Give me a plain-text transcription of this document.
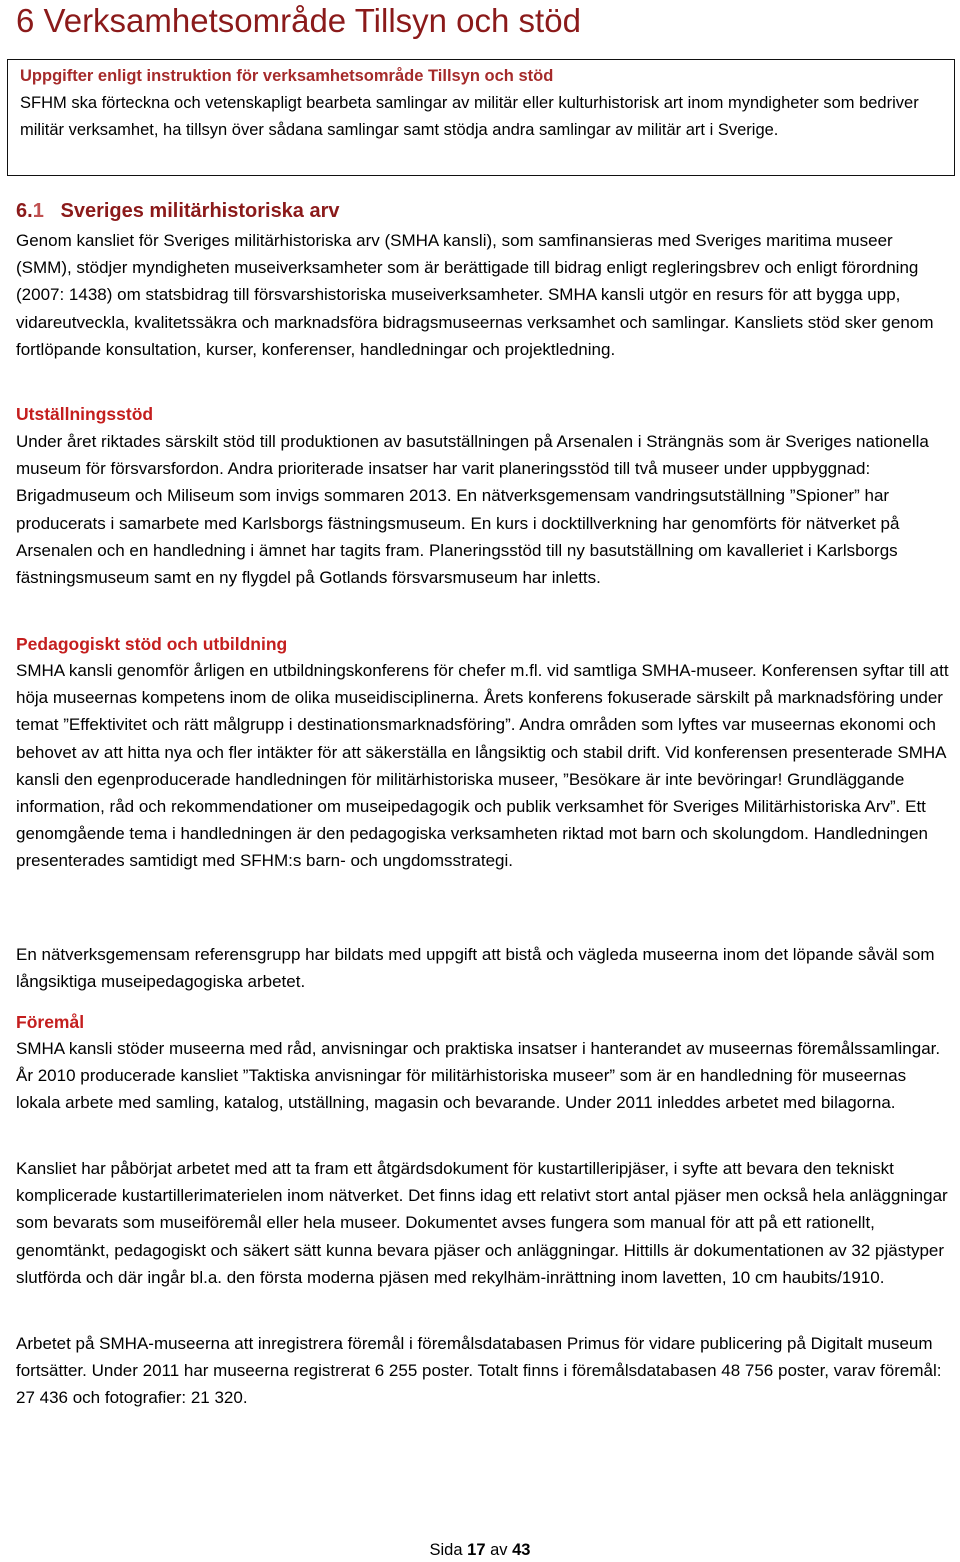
6 Verksamhetsområde Tillsyn och stöd
Uppgifter enligt instruktion för verksamhetsområde Tillsyn och stöd
SFHM ska förteckna och vetenskapligt bearbeta samlingar av militär eller kulturhistorisk art inom myndigheter som bedriver militär verksamhet, ha tillsyn över sådana samlingar samt stödja andra samlingar av militär art i Sverige.
6.1 Sveriges militärhistoriska arv
Genom kansliet för Sveriges militärhistoriska arv (SMHA kansli), som samfinansieras med Sveriges maritima museer (SMM), stödjer myndigheten museiverksamheter som är berättigade till bidrag enligt regleringsbrev och enligt förordning (2007: 1438) om statsbidrag till försvarshistoriska museiverksamheter. SMHA kansli utgör en resurs för att bygga upp, vidareutveckla, kvalitetssäkra och marknadsföra bidragsmuseernas verksamhet och samlingar. Kansliets stöd sker genom fortlöpande konsultation, kurser, konferenser, handledningar och projektledning.
Utställningsstöd
Under året riktades särskilt stöd till produktionen av basutställningen på Arsenalen i Strängnäs som är Sveriges nationella museum för försvarsfordon. Andra prioriterade insatser har varit planeringsstöd till två museer under uppbyggnad: Brigadmuseum och Miliseum som invigs sommaren 2013. En nätverksgemensam vandringsutställning ”Spioner” har producerats i samarbete med Karlsborgs fästningsmuseum. En kurs i docktillverkning har genomförts för nätverket på Arsenalen och en handledning i ämnet har tagits fram. Planeringsstöd till ny basutställning om kavalleriet i Karlsborgs fästningsmuseum samt en ny flygdel på Gotlands försvarsmuseum har inletts.
Pedagogiskt stöd och utbildning
SMHA kansli genomför årligen en utbildningskonferens för chefer m.fl. vid samtliga SMHA-museer. Konferensen syftar till att höja museernas kompetens inom de olika museidisciplinerna. Årets konferens fokuserade särskilt på marknadsföring under temat ”Effektivitet och rätt målgrupp i destinationsmarknadsföring”. Andra områden som lyftes var museernas ekonomi och behovet av att hitta nya och fler intäkter för att säkerställa en långsiktig och stabil drift. Vid konferensen presenterade SMHA kansli den egenproducerade handledningen för militärhistoriska museer, ”Besökare är inte bevöringar! Grundläggande information, råd och rekommendationer om museipedagogik och publik verksamhet för Sveriges Militärhistoriska Arv”. Ett genomgående tema i handledningen är den pedagogiska verksamheten riktad mot barn och skolungdom. Handledningen presenterades samtidigt med SFHM:s barn- och ungdomsstrategi.
En nätverksgemensam referensgrupp har bildats med uppgift att bistå och vägleda museerna inom det löpande såväl som långsiktiga museipedagogiska arbetet.
Föremål
SMHA kansli stöder museerna med råd, anvisningar och praktiska insatser i hanterandet av museernas föremålssamlingar. År 2010 producerade kansliet ”Taktiska anvisningar för militärhistoriska museer” som är en handledning för museernas lokala arbete med samling, katalog, utställning, magasin och bevarande. Under 2011 inleddes arbetet med bilagorna.
Kansliet har påbörjat arbetet med att ta fram ett åtgärdsdokument för kustartilleripjäser, i syfte att bevara den tekniskt komplicerade kustartillerimaterielen inom nätverket. Det finns idag ett relativt stort antal pjäser men också hela anläggningar som bevarats som museiföremål eller hela museer. Dokumentet avses fungera som manual för att på ett rationellt, genomtänkt, pedagogiskt och säkert sätt kunna bevara pjäser och anläggningar. Hittills är dokumentationen av 32 pjästyper slutförda och där ingår bl.a. den första moderna pjäsen med rekylhäm-inrättning inom lavetten, 10 cm haubits/1910.
Arbetet på SMHA-museerna att inregistrera föremål i föremålsdatabasen Primus för vidare publicering på Digitalt museum fortsätter. Under 2011 har museerna registrerat 6 255 poster. Totalt finns i föremålsdatabasen 48 756 poster, varav föremål: 27 436 och fotografier: 21 320.
Sida 17 av 43
